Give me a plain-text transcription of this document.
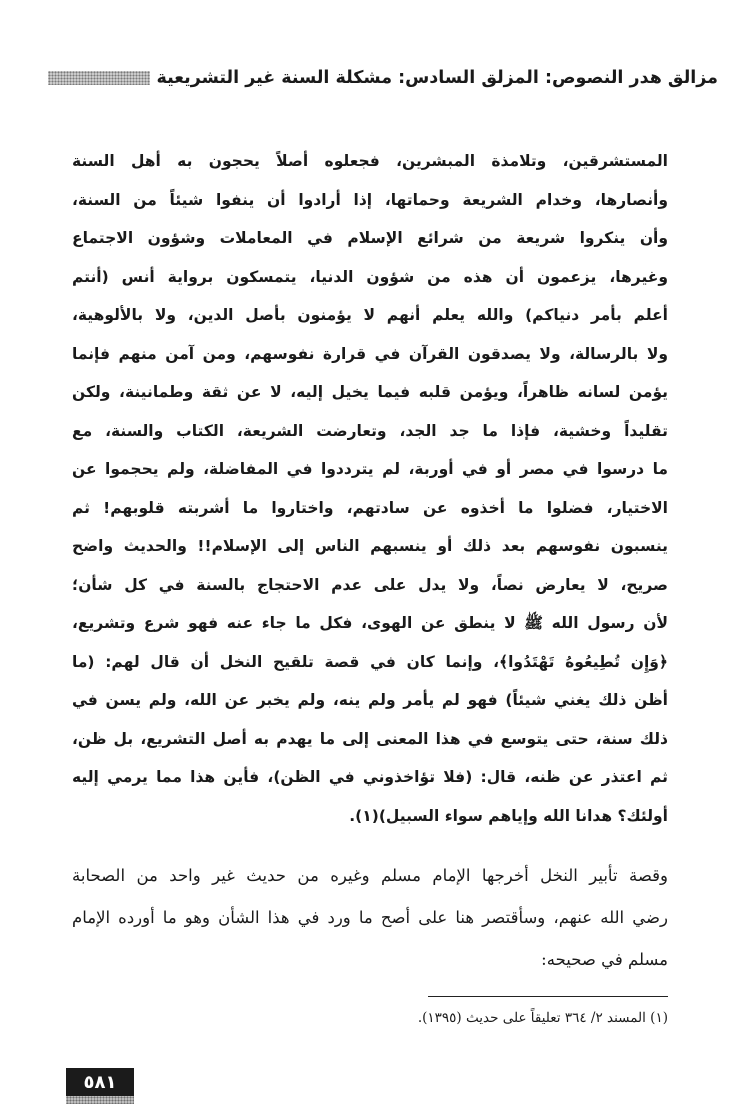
مزالق هدر النصوص: المزلق السادس: مشكلة السنة غير التشريعية
المستشرقين، وتلامذة المبشرين، فجعلوه أصلاً يحجون به أهل السنة
وأنصارها، وخدام الشريعة وحماتها، إذا أرادوا أن ينفوا شيئاً من السنة،
وأن ينكروا شريعة من شرائع الإسلام في المعاملات وشؤون الاجتماع
وغيرها، يزعمون أن هذه من شؤون الدنيا، يتمسكون برواية أنس (أنتم
أعلم بأمر دنياكم) والله يعلم أنهم لا يؤمنون بأصل الدين، ولا بالألوهية،
ولا بالرسالة، ولا يصدقون القرآن في قرارة نفوسهم، ومن آمن منهم فإنما
يؤمن لسانه ظاهراً، ويؤمن قلبه فيما يخيل إليه، لا عن ثقة وطمانينة، ولكن
تقليداً وخشية، فإذا ما جد الجد، وتعارضت الشريعة، الكتاب والسنة، مع
ما درسوا في مصر أو في أوربة، لم يترددوا في المفاضلة، ولم يحجموا عن
الاختيار، فضلوا ما أخذوه عن سادتهم، واختاروا ما أشربته قلوبهم! ثم
ينسبون نفوسهم بعد ذلك أو ينسبهم الناس إلى الإسلام!! والحديث واضح
صريح، لا يعارض نصاً، ولا يدل على عدم الاحتجاج بالسنة في كل شأن؛
لأن رسول الله ﷺ لا ينطق عن الهوى، فكل ما جاء عنه فهو شرع وتشريع،
﴿وَإِن تُطِيعُوهُ تَهْتَدُوا﴾، وإنما كان في قصة تلقيح النخل أن قال لهم: (ما
أظن ذلك يغني شيئاً) فهو لم يأمر ولم ينه، ولم يخبر عن الله، ولم يسن في
ذلك سنة، حتى يتوسع في هذا المعنى إلى ما يهدم به أصل التشريع، بل ظن،
ثم اعتذر عن ظنه، قال: (فلا تؤاخذوني في الظن)، فأين هذا مما يرمي إليه
أولئك؟ هدانا الله وإياهم سواء السبيل)(١).
وقصة تأبير النخل أخرجها الإمام مسلم وغيره من حديث غير واحد من الصحابة
رضي الله عنهم، وسأقتصر هنا على أصح ما ورد في هذا الشأن وهو ما أورده الإمام
مسلم في صحيحه:
(١) المسند ٢/ ٣٦٤ تعليقاً على حديث (١٣٩٥).
٥٨١
